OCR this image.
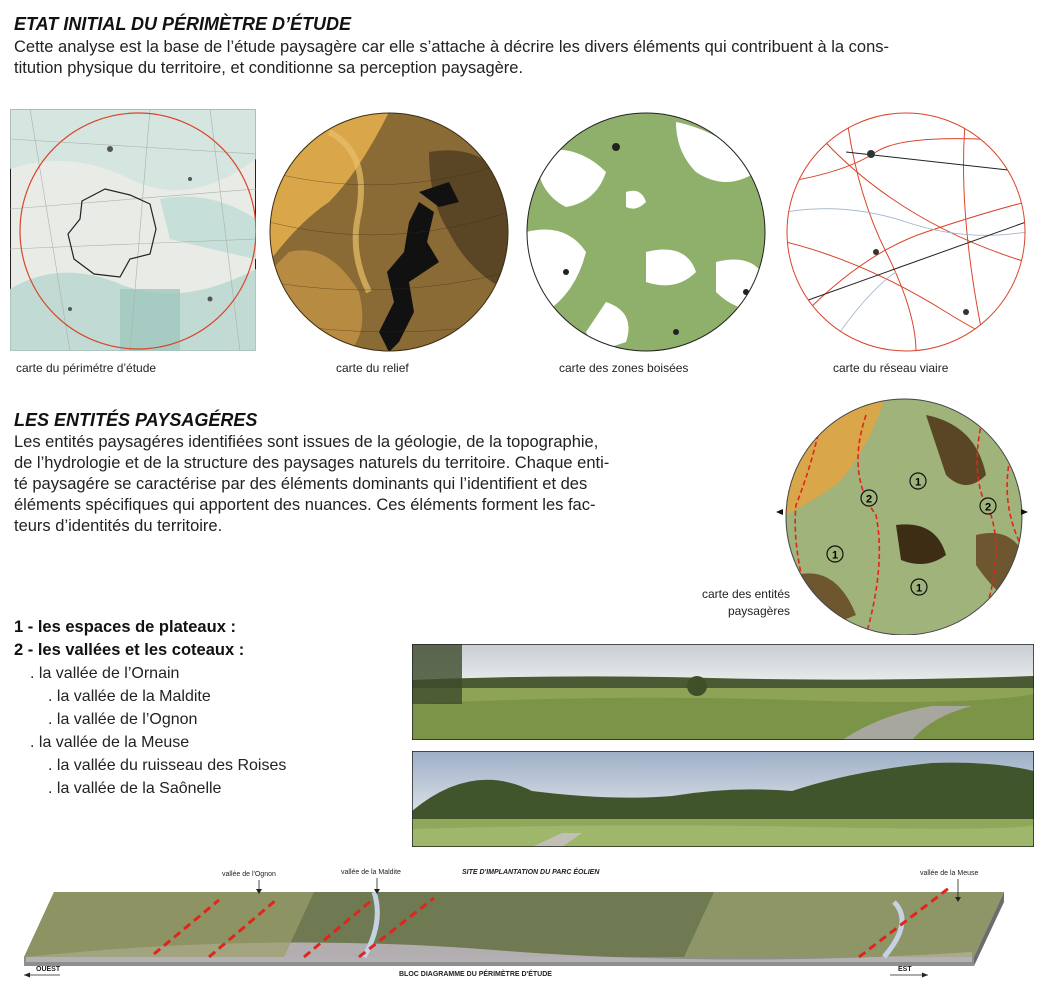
ETAT INITIAL DU PÉRIMÈTRE D’ÉTUDE

Cette analyse est la base de l’étude paysagère car elle s’attache à décrire les divers éléments qui contribuent à la cons-

titution physique du territoire, et conditionne sa perception paysagère.

carte du périmétre d’étude	carte du relief	carte des zones boisées	carte du réseau viaire
LES ENTITÉS PAYSAGÉRES

Les entités paysagéres identifiées sont issues de la géologie, de la topographie,

de l’hydrologie et de la structure des paysages naturels du territoire. Chaque enti-

té paysagére se caractérise par des éléments dominants qui l’identifient et des

éléments spécifiques qui apportent des nuances. Ces éléments forment les fac-

teurs d’identités du territoire.

1
2
2
1
1
carte des entités
paysagères
1 - les espaces de plateaux :
2 - les vallées et les coteaux :
. la vallée de l’Ornain
. la vallée de la Maldite
. la vallée de l’Ognon
. la vallée de la Meuse
. la vallée du ruisseau des Roises
. la vallée de la Saônelle
vallée de l'Ognon	vallée de la Maldite	SITE D'IMPLANTATION DU PARC ÉOLIEN	vallée de la Meuse
OUEST	EST
BLOC DIAGRAMME DU PÉRIMÈTRE D'ÉTUDE
